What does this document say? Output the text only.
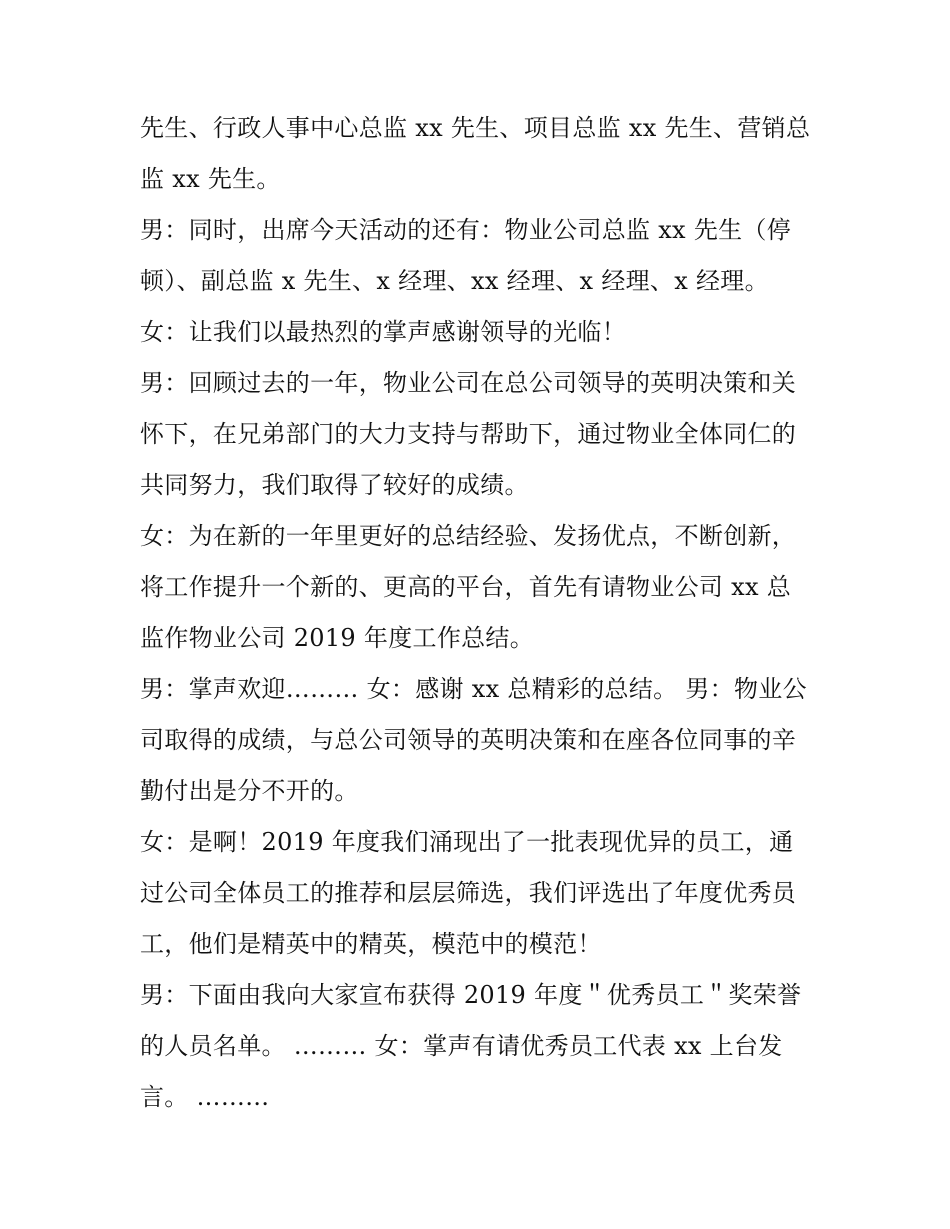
先生、行政人事中心总监 xx 先生、项目总监 xx 先生、营销总
监 xx 先生。
男：同时，出席今天活动的还有：物业公司总监 xx 先生（停
顿）、副总监 x 先生、x 经理、xx 经理、x 经理、x 经理。
女：让我们以最热烈的掌声感谢领导的光临！
男：回顾过去的一年，物业公司在总公司领导的英明决策和关
怀下，在兄弟部门的大力支持与帮助下，通过物业全体同仁的
共同努力，我们取得了较好的成绩。
女：为在新的一年里更好的总结经验、发扬优点，不断创新，
将工作提升一个新的、更高的平台，首先有请物业公司 xx 总
监作物业公司 2019 年度工作总结。
男：掌声欢迎……… 女：感谢 xx 总精彩的总结。 男：物业公
司取得的成绩，与总公司领导的英明决策和在座各位同事的辛
勤付出是分不开的。
女：是啊！2019 年度我们涌现出了一批表现优异的员工，通
过公司全体员工的推荐和层层筛选，我们评选出了年度优秀员
工，他们是精英中的精英，模范中的模范！
男：下面由我向大家宣布获得 2019 年度＂优秀员工＂奖荣誉
的人员名单。 ……… 女：掌声有请优秀员工代表 xx 上台发
言。 ………
